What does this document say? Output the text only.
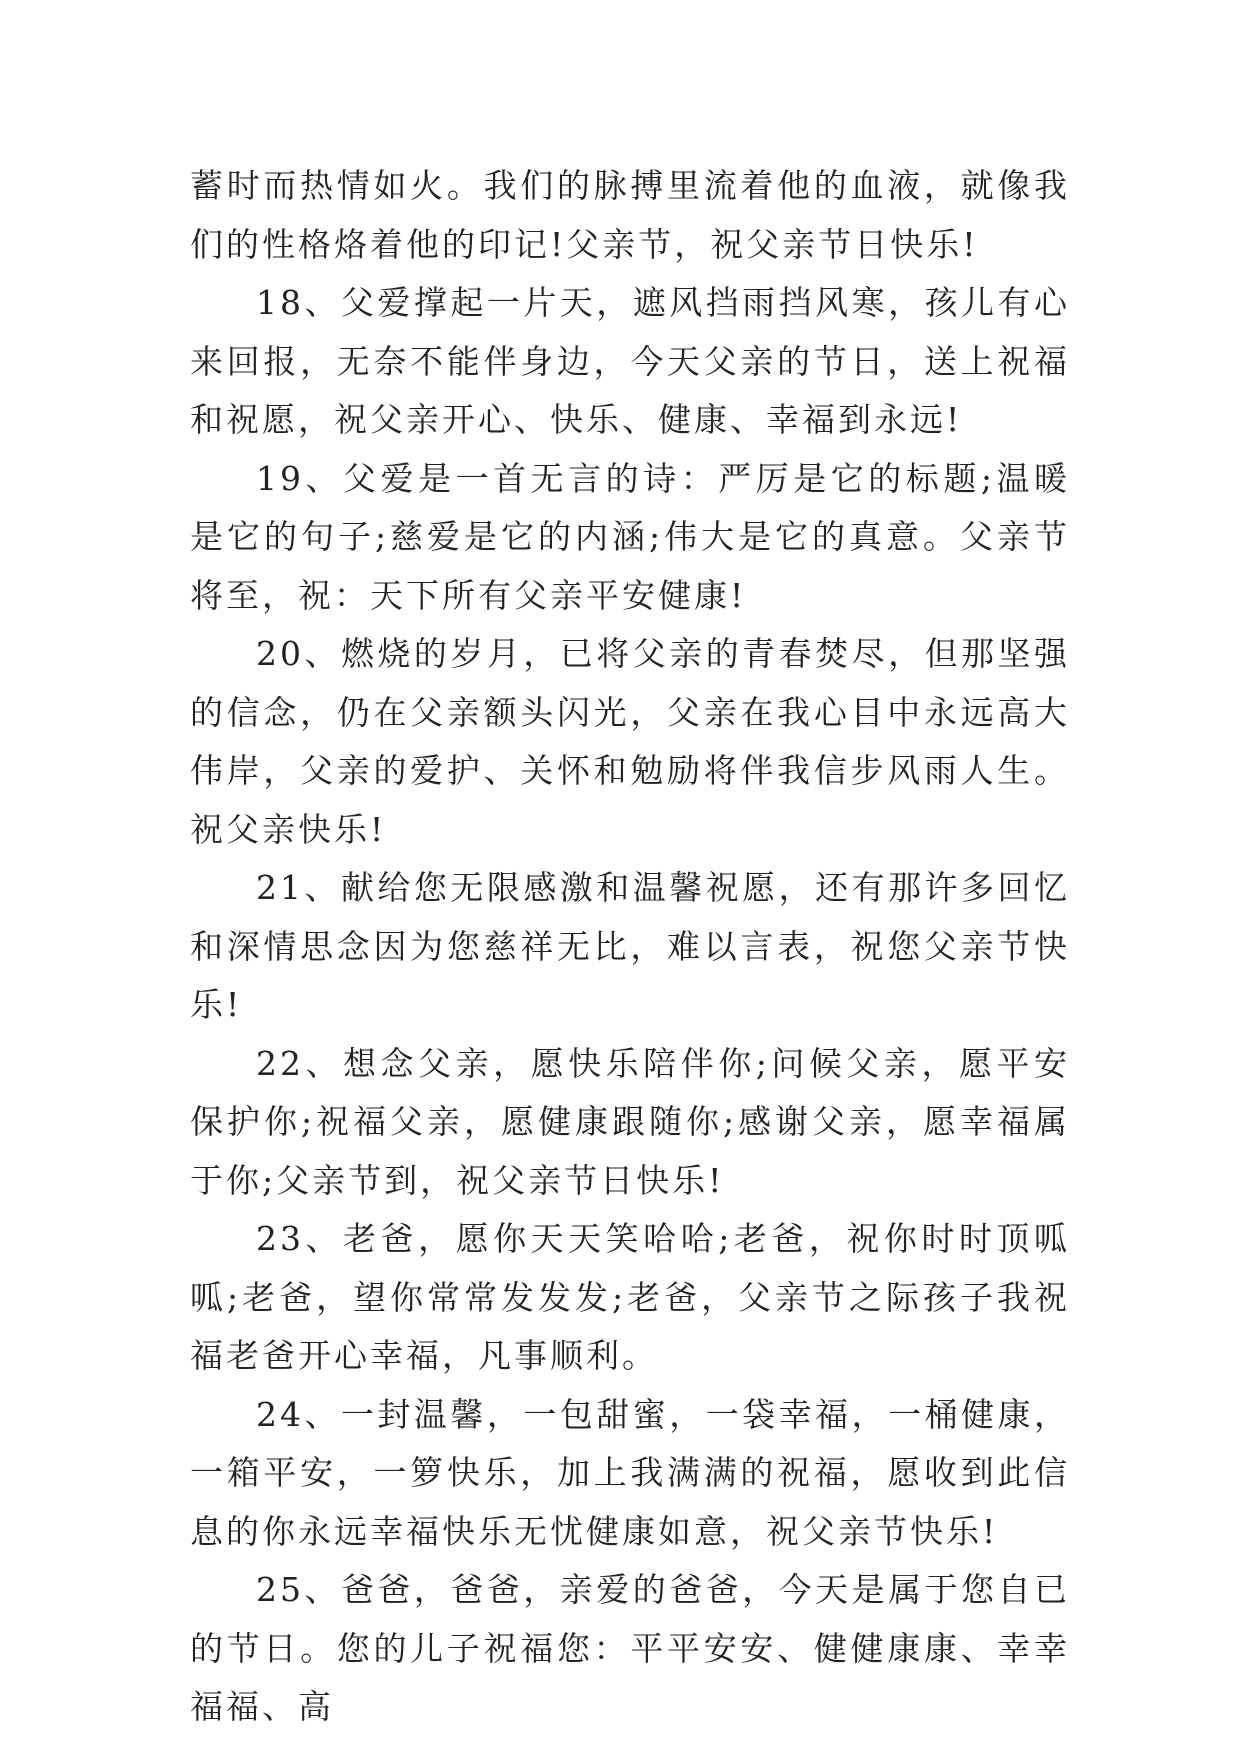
蓄时而热情如火。我们的脉搏里流着他的血液，就像我们的性格烙着他的印记!父亲节，祝父亲节日快乐!

18、父爱撑起一片天，遮风挡雨挡风寒，孩儿有心来回报，无奈不能伴身边，今天父亲的节日，送上祝福和祝愿，祝父亲开心、快乐、健康、幸福到永远!

19、父爱是一首无言的诗：严厉是它的标题;温暖是它的句子;慈爱是它的内涵;伟大是它的真意。父亲节将至，祝：天下所有父亲平安健康!

20、燃烧的岁月，已将父亲的青春焚尽，但那坚强的信念，仍在父亲额头闪光，父亲在我心目中永远高大伟岸，父亲的爱护、关怀和勉励将伴我信步风雨人生。祝父亲快乐!

21、献给您无限感激和温馨祝愿，还有那许多回忆和深情思念因为您慈祥无比，难以言表，祝您父亲节快乐!

22、想念父亲，愿快乐陪伴你;问候父亲，愿平安保护你;祝福父亲，愿健康跟随你;感谢父亲，愿幸福属于你;父亲节到，祝父亲节日快乐!

23、老爸，愿你天天笑哈哈;老爸，祝你时时顶呱呱;老爸，望你常常发发发;老爸，父亲节之际孩子我祝福老爸开心幸福，凡事顺利。

24、一封温馨，一包甜蜜，一袋幸福，一桶健康，一箱平安，一箩快乐，加上我满满的祝福，愿收到此信息的你永远幸福快乐无忧健康如意，祝父亲节快乐!

25、爸爸，爸爸，亲爱的爸爸，今天是属于您自已的节日。您的儿子祝福您：平平安安、健健康康、幸幸福福、高
